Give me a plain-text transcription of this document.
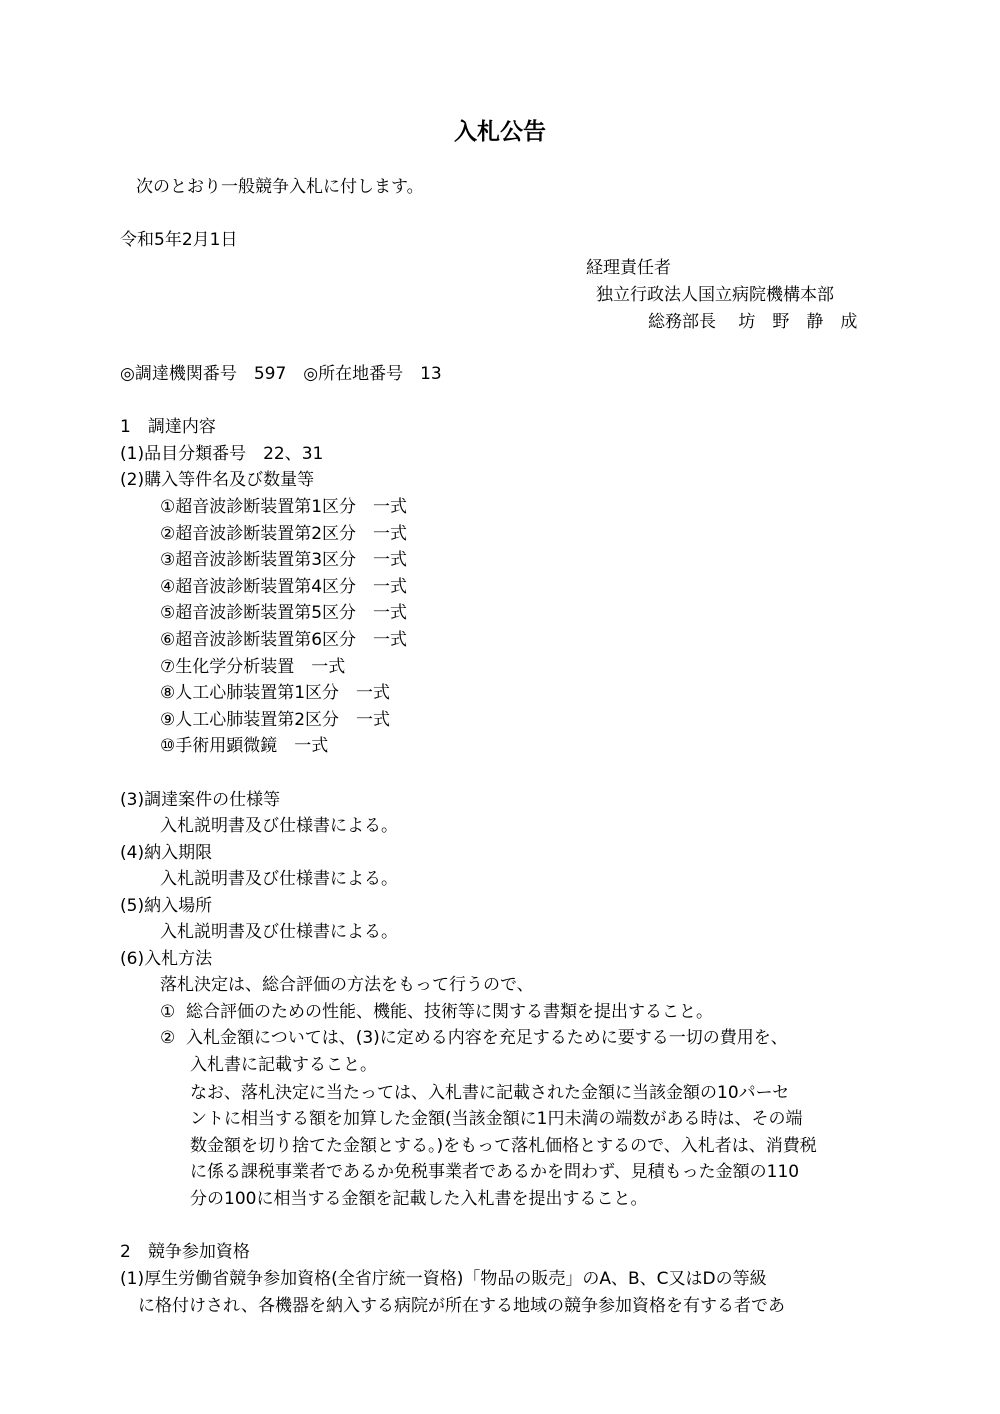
入札公告

次のとおり一般競争入札に付します。

令和5年2月1日

経理責任者

独立行政法人国立病院機構本部

総務部長　 坊　野　静　成

◎調達機関番号　597　◎所在地番号　13

1　調達内容

(1)品目分類番号　22、31

(2)購入等件名及び数量等

①超音波診断装置第1区分　一式

②超音波診断装置第2区分　一式

③超音波診断装置第3区分　一式

④超音波診断装置第4区分　一式

⑤超音波診断装置第5区分　一式

⑥超音波診断装置第6区分　一式

⑦生化学分析装置　一式

⑧人工心肺装置第1区分　一式

⑨人工心肺装置第2区分　一式

⑩手術用顕微鏡　一式

(3)調達案件の仕様等

入札説明書及び仕様書による。

(4)納入期限

入札説明書及び仕様書による。

(5)納入場所

入札説明書及び仕様書による。

(6)入札方法

落札決定は、総合評価の方法をもって行うので、

①  総合評価のための性能、機能、技術等に関する書類を提出すること。

②  入札金額については、(3)に定める内容を充足するために要する一切の費用を、

入札書に記載すること。

なお、落札決定に当たっては、入札書に記載された金額に当該金額の10パーセ

ントに相当する額を加算した金額(当該金額に1円未満の端数がある時は、その端

数金額を切り捨てた金額とする。)をもって落札価格とするので、入札者は、消費税

に係る課税事業者であるか免税事業者であるかを問わず、見積もった金額の110

分の100に相当する金額を記載した入札書を提出すること。

2　競争参加資格

(1)厚生労働省競争参加資格(全省庁統一資格)「物品の販売」のA、B、C又はDの等級

に格付けされ、各機器を納入する病院が所在する地域の競争参加資格を有する者であ
